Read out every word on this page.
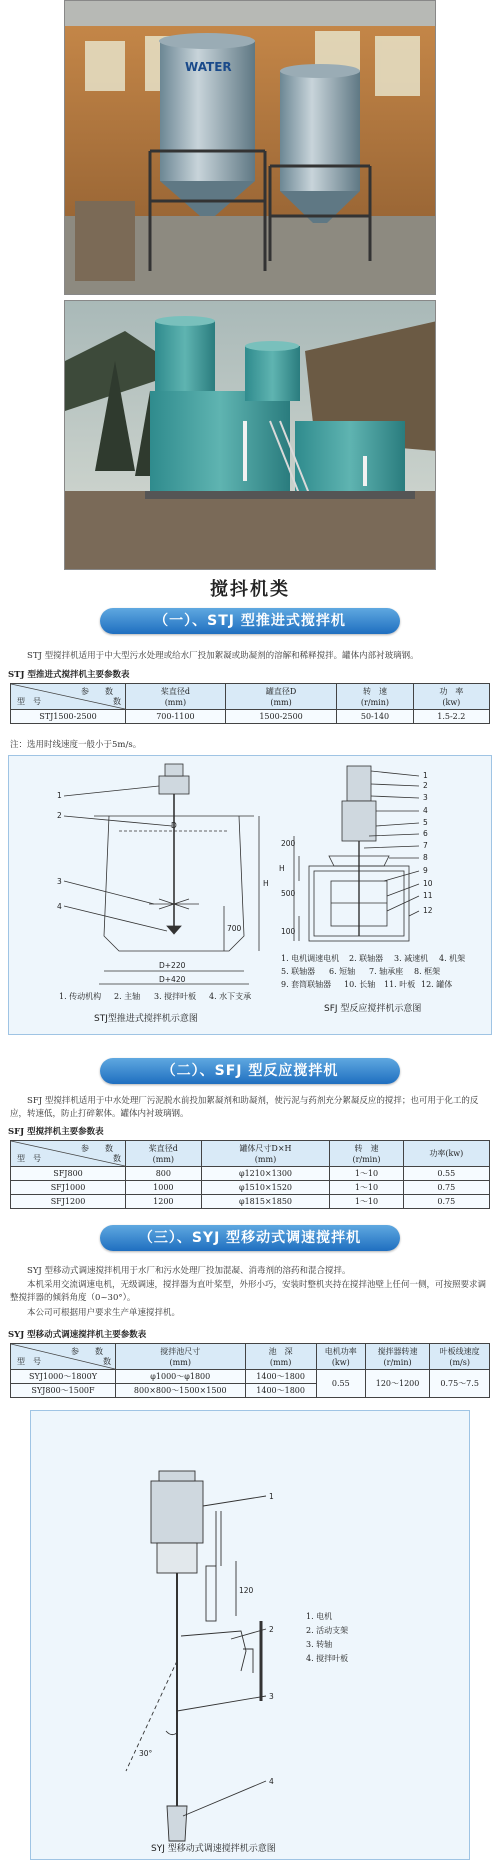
WATER
搅抖机类
（一）、STJ 型推进式搅拌机
STJ 型搅拌机适用于中大型污水处理或给水厂投加絮凝或助凝剂的溶解和稀释搅拌。罐体内部衬玻璃钢。
STJ 型推进式搅拌机主要参数表
参　　数
型　号 数	桨直径d
(mm)	罐直径D
(mm)	转　速
(r/min)	功　率
(kw)
STJ1500-2500	700-1100	1500-2500	50-140	1.5-2.2
注：选用时线速度一般小于5m/s。
1
2
3
4
D
H
700
D+220
D+420
1
2
3
4
5
6
7
8
9
10
11
12
200
H
500
100
1. 传动机构 2. 主轴 3. 搅拌叶板 4. 水下支承
STJ型推进式搅拌机示意图
1. 电机调速电机 2. 联轴器 3. 减速机 4. 机架
5. 联轴器 6. 短轴 7. 轴承座 8. 框架
9. 套筒联轴器 10. 长轴 11. 叶板 12. 罐体
SFJ 型反应搅拌机示意图
（二）、SFJ 型反应搅拌机
SFJ 型搅拌机适用于中水处理厂污泥脱水前投加絮凝剂和助凝剂，使污泥与药剂充分絮凝反应的搅拌；也可用于化工的反应，转速低，防止打碎絮体。罐体内衬玻璃钢。
SFJ 型搅拌机主要参数表
参　　数
型　号 数	桨直径d
(mm)	罐体尺寸D×H
(mm)	转　速
(r/min)	功率(kw)
SFJ800	800	φ1210×1300	1～10	0.55
SFJ1000	1000	φ1510×1520	1～10	0.75
SFJ1200	1200	φ1815×1850	1～10	0.75
（三）、SYJ 型移动式调速搅拌机
SYJ 型移动式调速搅拌机用于水厂和污水处理厂投加混凝、消毒剂的溶药和混合搅拌。
本机采用交流调速电机，无级调速，搅拌器为直叶桨型，外形小巧，安装时整机夹持在搅拌池壁上任何一侧，可按照要求调整搅拌器的倾斜角度（0~30°）。
本公司可根据用户要求生产单速搅拌机。
SYJ 型移动式调速搅拌机主要参数表
参　　数
型　号 数	搅拌池尺寸
(mm)	池　深
(mm)	电机功率
(kw)	搅拌器转速
(r/min)	叶板线速度
(m/s)
SYJ1000～1800Y	φ1000～φ1800	1400～1800	0.55	120～1200	0.75～7.5
SYJ800～1500F	800×800～1500×1500	1400～1800			
1
2
3
4
30°
120
1. 电机
2. 活动支架
3. 转轴
4. 搅拌叶板
SYJ 型移动式调速搅拌机示意图
